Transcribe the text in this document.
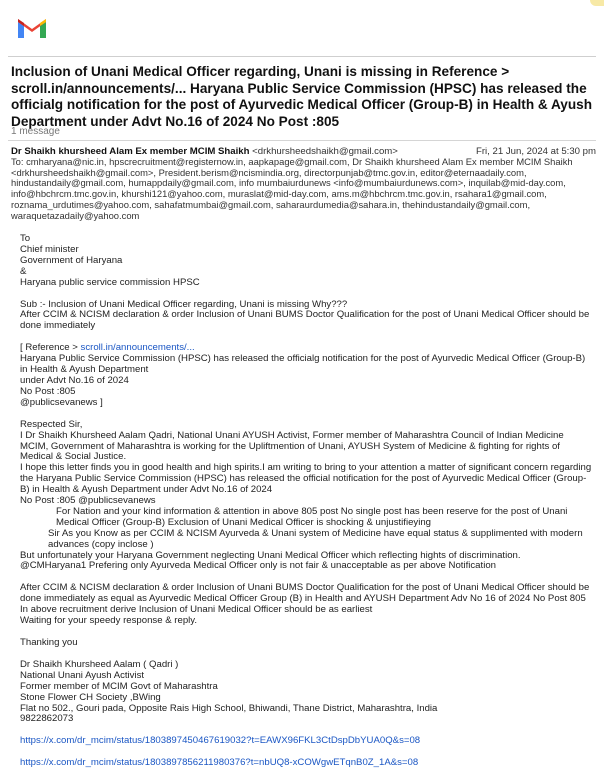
Inclusion of Unani Medical Officer regarding, Unani is missing in Reference > scroll.in/announcements/... Haryana Public Service Commission (HPSC) has released the officialg notification for the post of Ayurvedic Medical Officer (Group-B) in Health & Ayush Department under Advt No.16 of 2024 No Post :805
1 message
Dr Shaikh khursheed Alam Ex member MCIM Shaikh <drkhursheedshaikh@gmail.com>	Fri, 21 Jun, 2024 at 5:30 pm
To: cmharyana@nic.in, hpscrecruitment@registernow.in, aapkapage@gmail.com, Dr Shaikh khursheed Alam Ex member MCIM Shaikh <drkhursheedshaikh@gmail.com>, President.berism@ncismindia.org, directorpunjab@tmc.gov.in, editor@eternaadaily.com, hindustandaily@gmail.com, humappdaily@gmail.com, info mumbaiurdunews <info@mumbaiurdunews.com>, inquilab@mid-day.com, info@hbchrcm.tmc.gov.in, khurshi121@yahoo.com, muraslat@mid-day.com, ams.m@hbchrcm.tmc.gov.in, rsahara1@gmail.com, roznama_urdutimes@yahoo.com, sahafatmumbai@gmail.com, saharaurdumedia@sahara.in, thehindustandaily@gmail.com, waraquetazadaily@yahoo.com

To

Chief minister

Government of Haryana

&

Haryana public service commission HPSC

Sub :- Inclusion of Unani Medical Officer regarding, Unani is missing Why???

After CCIM & NCISM declaration & order Inclusion of Unani BUMS Doctor Qualification for the post of Unani Medical Officer should be done immediately

[ Reference > scroll.in/announcements/...

Haryana Public Service Commission (HPSC) has released the officialg notification for the post of Ayurvedic Medical Officer (Group-B) in Health & Ayush Department

under Advt No.16 of 2024

No Post :805

@publicsevanews ]

Respected Sir,

I Dr Shaikh Khursheed Aalam Qadri, National Unani AYUSH Activist, Former member of Maharashtra Council of Indian Medicine MCIM, Government of Maharashtra is working for the Upliftmention of Unani, AYUSH System of Medicine & fighting for rights of Medical & Social Justice.

I hope this letter finds you in good health and high spirits.I am writing to bring to your attention a matter of significant concern regarding the Haryana Public Service Commission (HPSC) has released the official notification for the post of Ayurvedic Medical Officer (Group-B) in Health & Ayush Department under Advt No.16 of 2024

No Post :805 @publicsevanews

For Nation and your kind information & attention in above 805 post No single post has been reserve for the post of Unani Medical Officer (Group-B) Exclusion of Unani Medical Officer is shocking & unjustifieying

Sir As you Know as per CCIM & NCISM Ayurveda & Unani system of Medicine have equal status & supplimented with modern advances (copy inclose )

But unfortunately your Haryana Government neglecting Unani Medical Officer which reflecting hights of discrimination.

@CMHaryana1 Prefering only Ayurveda Medical Officer only is not fair & unacceptable as per above Notification

After CCIM & NCISM declaration & order Inclusion of Unani BUMS Doctor Qualification for the post of Unani Medical Officer should be done immediately as equal as Ayurvedic Medical Officer Group (B) in Health and AYUSH Department Adv No 16 of 2024 No Post 805

In above recruitment derive Inclusion of Unani Medical Officer should be as earliest

Waiting for your speedy response & reply.

Thanking you

Dr Shaikh Khursheed Aalam ( Qadri )

National Unani Ayush Activist

Former member of MCIM Govt of Maharashtra

Stone Flower CH Society ,BWing

Flat no 502., Gouri pada, Opposite Rais High School, Bhiwandi, Thane District, Maharashtra, India

9822862073

https://x.com/dr_mcim/status/1803897450467619032?t=EAWX96FKL3CtDspDbYUA0Q&s=08

https://x.com/dr_mcim/status/1803897856211980376?t=nbUQ8-xCOWgwETqnB0Z_1A&s=08
